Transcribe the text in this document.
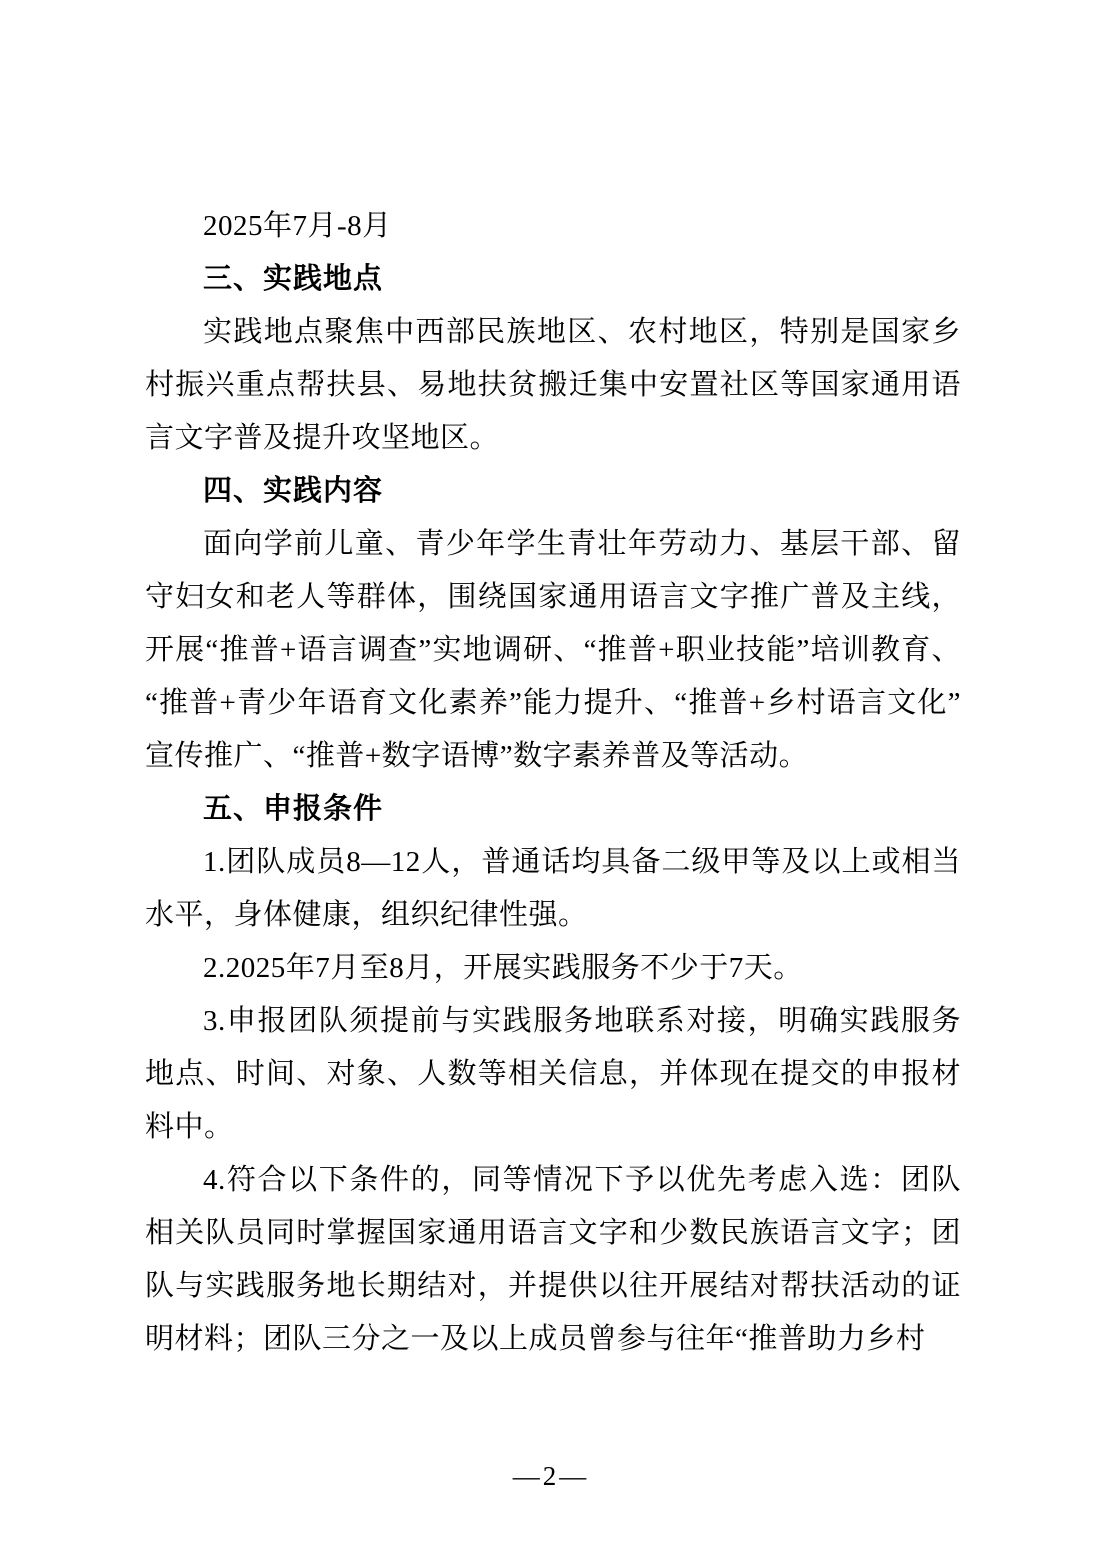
2025年7月-8月

三、实践地点

实践地点聚焦中西部民族地区、农村地区，特别是国家乡村振兴重点帮扶县、易地扶贫搬迁集中安置社区等国家通用语言文字普及提升攻坚地区。

四、实践内容

面向学前儿童、青少年学生青壮年劳动力、基层干部、留守妇女和老人等群体，围绕国家通用语言文字推广普及主线，开展“推普+语言调查”实地调研、“推普+职业技能”培训教育、“推普+青少年语育文化素养”能力提升、“推普+乡村语言文化”宣传推广、“推普+数字语博”数字素养普及等活动。

五、申报条件

1.团队成员8—12人，普通话均具备二级甲等及以上或相当水平，身体健康，组织纪律性强。

2.2025年7月至8月，开展实践服务不少于7天。

3.申报团队须提前与实践服务地联系对接，明确实践服务地点、时间、对象、人数等相关信息，并体现在提交的申报材料中。

4.符合以下条件的，同等情况下予以优先考虑入选：团队相关队员同时掌握国家通用语言文字和少数民族语言文字；团队与实践服务地长期结对，并提供以往开展结对帮扶活动的证明材料；团队三分之一及以上成员曾参与往年“推普助力乡村

—2—
